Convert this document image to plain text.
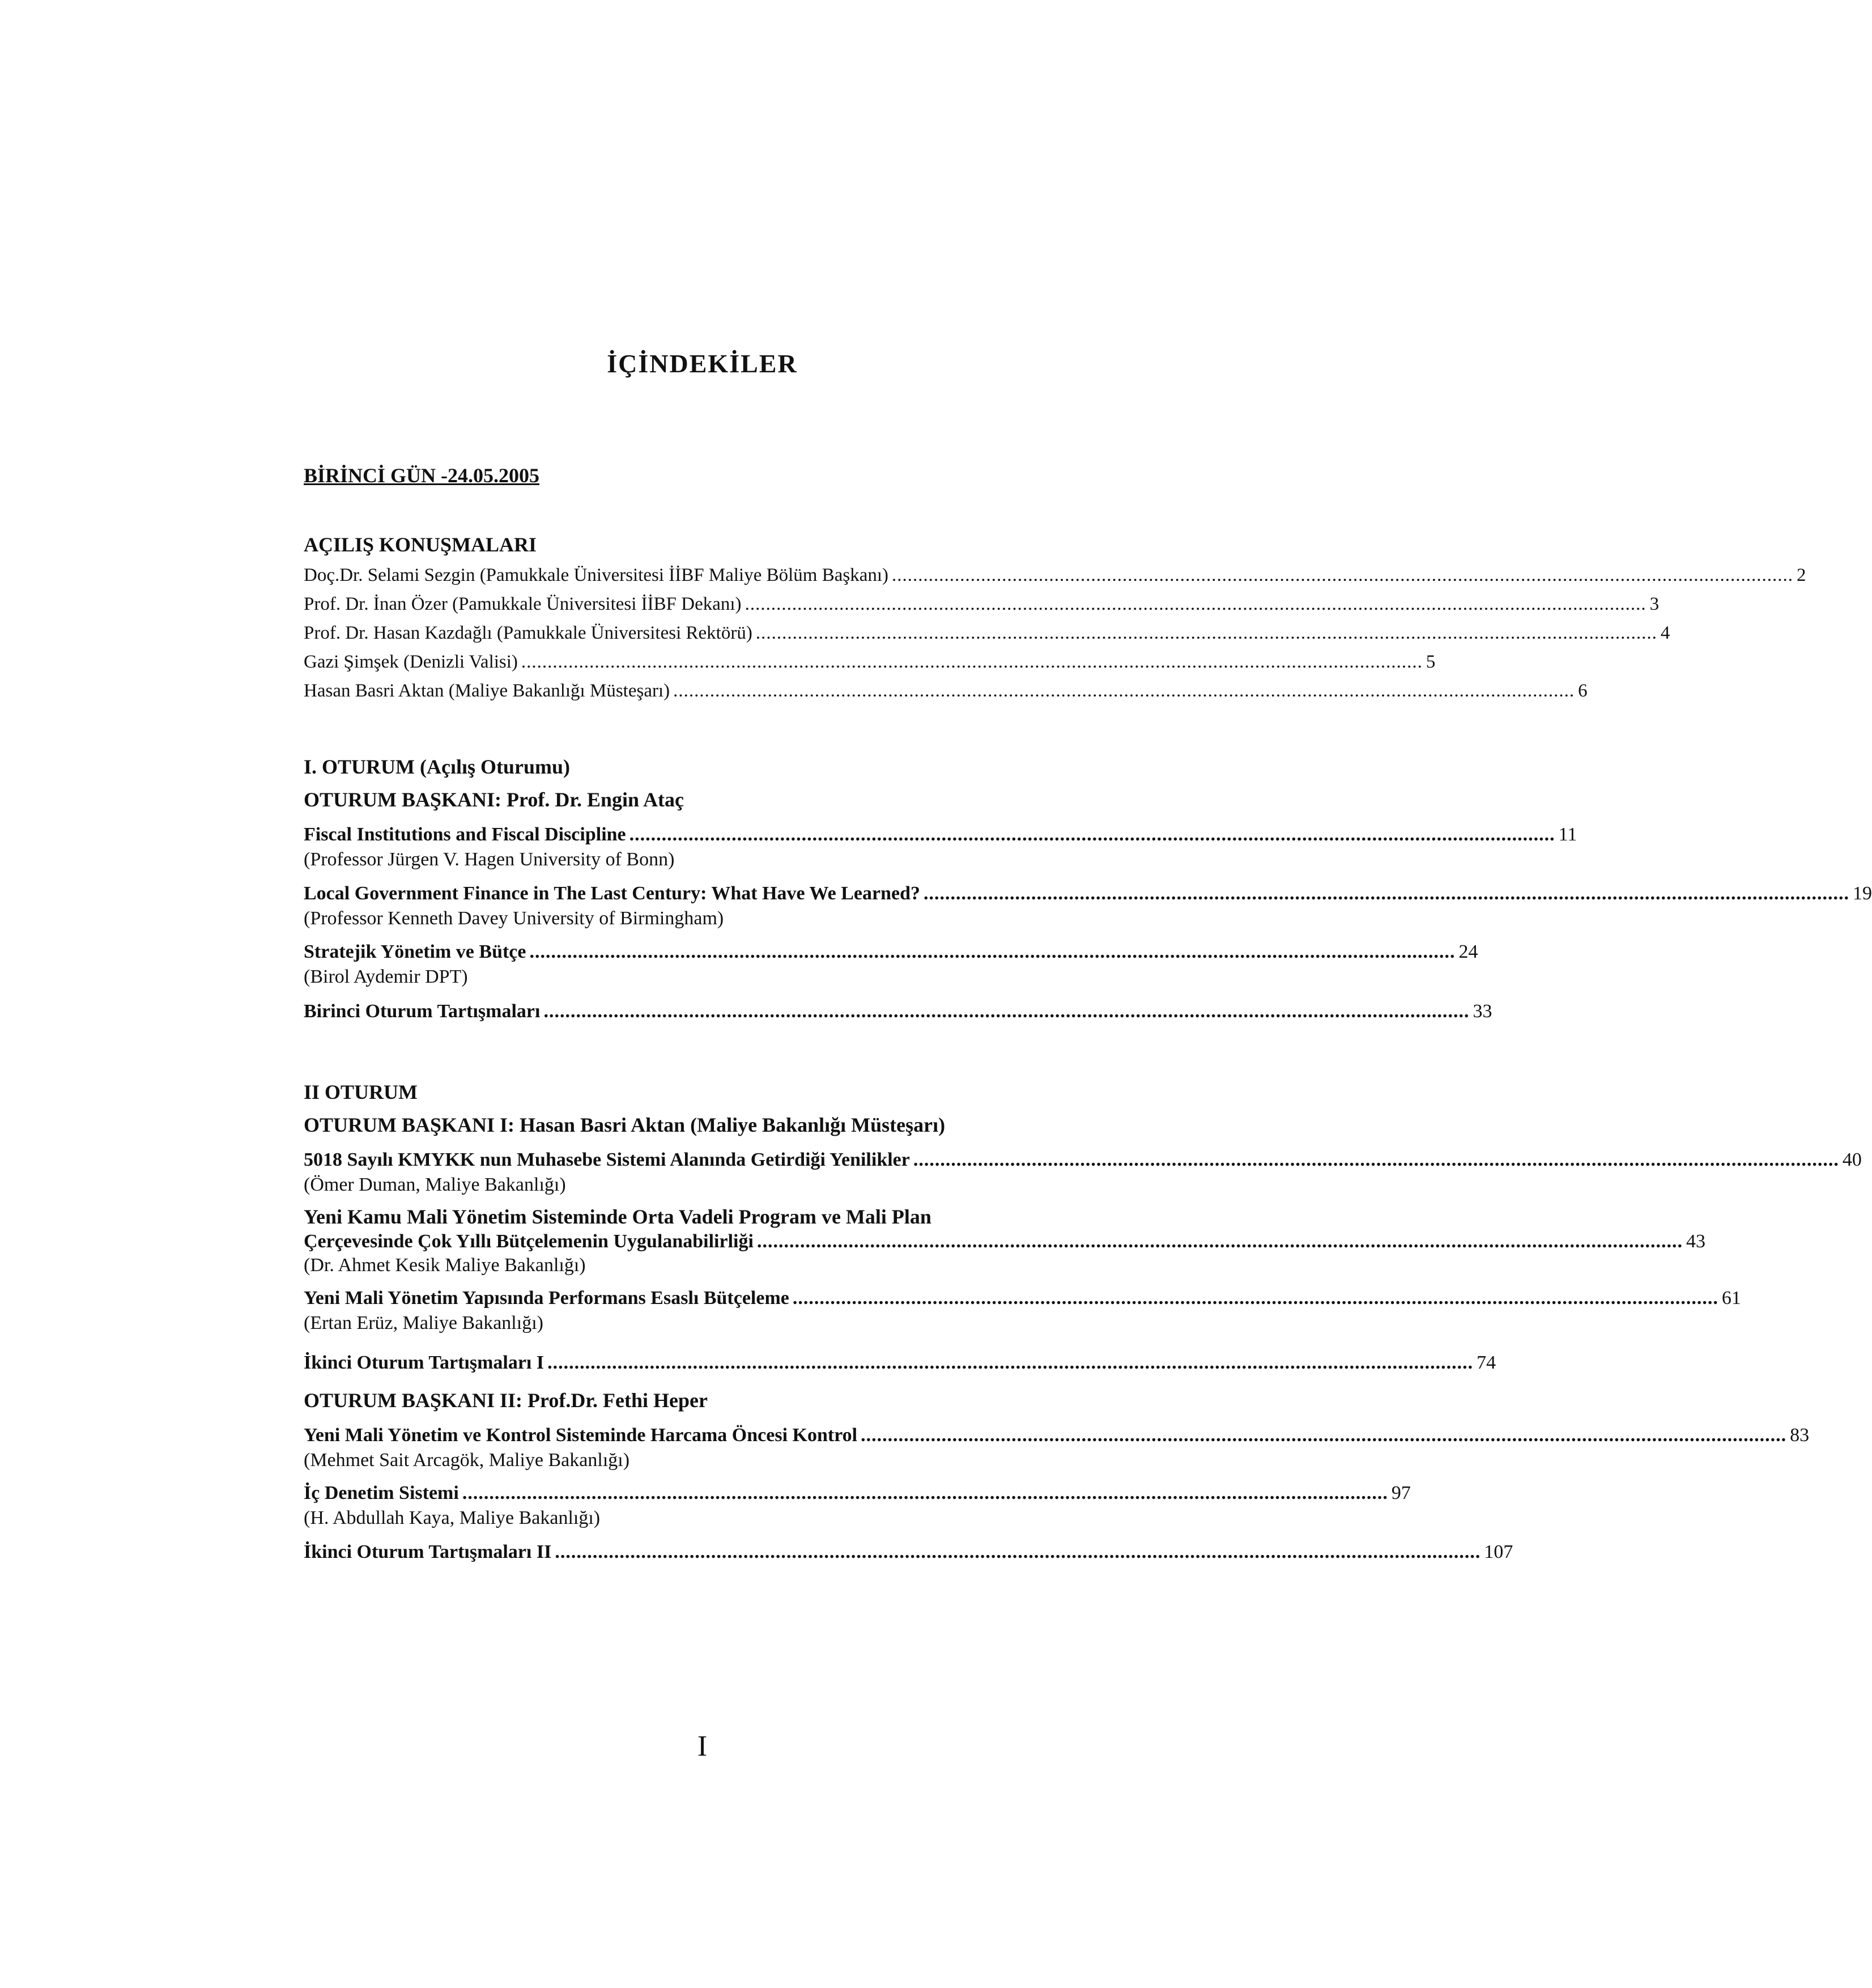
İÇİNDEKİLER
BİRİNCİ GÜN -24.05.2005
AÇILIŞ KONUŞMALARI
Doç.Dr. Selami Sezgin (Pamukkale Üniversitesi İİBF Maliye Bölüm Başkanı) ............................................................................................................................................................................ 2
Prof. Dr. İnan Özer (Pamukkale Üniversitesi İİBF Dekanı) ............................................................................................................................................................................ 3
Prof. Dr. Hasan Kazdağlı (Pamukkale Üniversitesi Rektörü) ............................................................................................................................................................................ 4
Gazi Şimşek (Denizli Valisi) ............................................................................................................................................................................ 5
Hasan Basri Aktan (Maliye Bakanlığı Müsteşarı) ............................................................................................................................................................................ 6
I. OTURUM (Açılış Oturumu)
OTURUM BAŞKANI: Prof. Dr. Engin Ataç
Fiscal Institutions and Fiscal Discipline ............................................................................................................................................................................ 11
(Professor Jürgen V. Hagen University of Bonn)
Local Government Finance in The Last Century: What Have We Learned? ............................................................................................................................................................................ 19
(Professor Kenneth Davey University of Birmingham)
Stratejik Yönetim ve Bütçe ............................................................................................................................................................................ 24
(Birol Aydemir DPT)
Birinci Oturum Tartışmaları ............................................................................................................................................................................ 33
II OTURUM
OTURUM BAŞKANI I: Hasan Basri Aktan (Maliye Bakanlığı Müsteşarı)
5018 Sayılı KMYKK nun Muhasebe Sistemi Alanında Getirdiği Yenilikler ............................................................................................................................................................................ 40
(Ömer Duman, Maliye Bakanlığı)
Yeni Kamu Mali Yönetim Sisteminde Orta Vadeli Program ve Mali Plan
Çerçevesinde Çok Yıllı Bütçelemenin Uygulanabilirliği ............................................................................................................................................................................ 43
(Dr. Ahmet Kesik Maliye Bakanlığı)
Yeni Mali Yönetim Yapısında Performans Esaslı Bütçeleme ............................................................................................................................................................................ 61
(Ertan Erüz, Maliye Bakanlığı)
İkinci Oturum Tartışmaları I ............................................................................................................................................................................ 74
OTURUM BAŞKANI II: Prof.Dr. Fethi Heper
Yeni Mali Yönetim ve Kontrol Sisteminde Harcama Öncesi Kontrol ............................................................................................................................................................................ 83
(Mehmet Sait Arcagök, Maliye Bakanlığı)
İç Denetim Sistemi ............................................................................................................................................................................ 97
(H. Abdullah Kaya, Maliye Bakanlığı)
İkinci Oturum Tartışmaları II ............................................................................................................................................................................ 107
I
